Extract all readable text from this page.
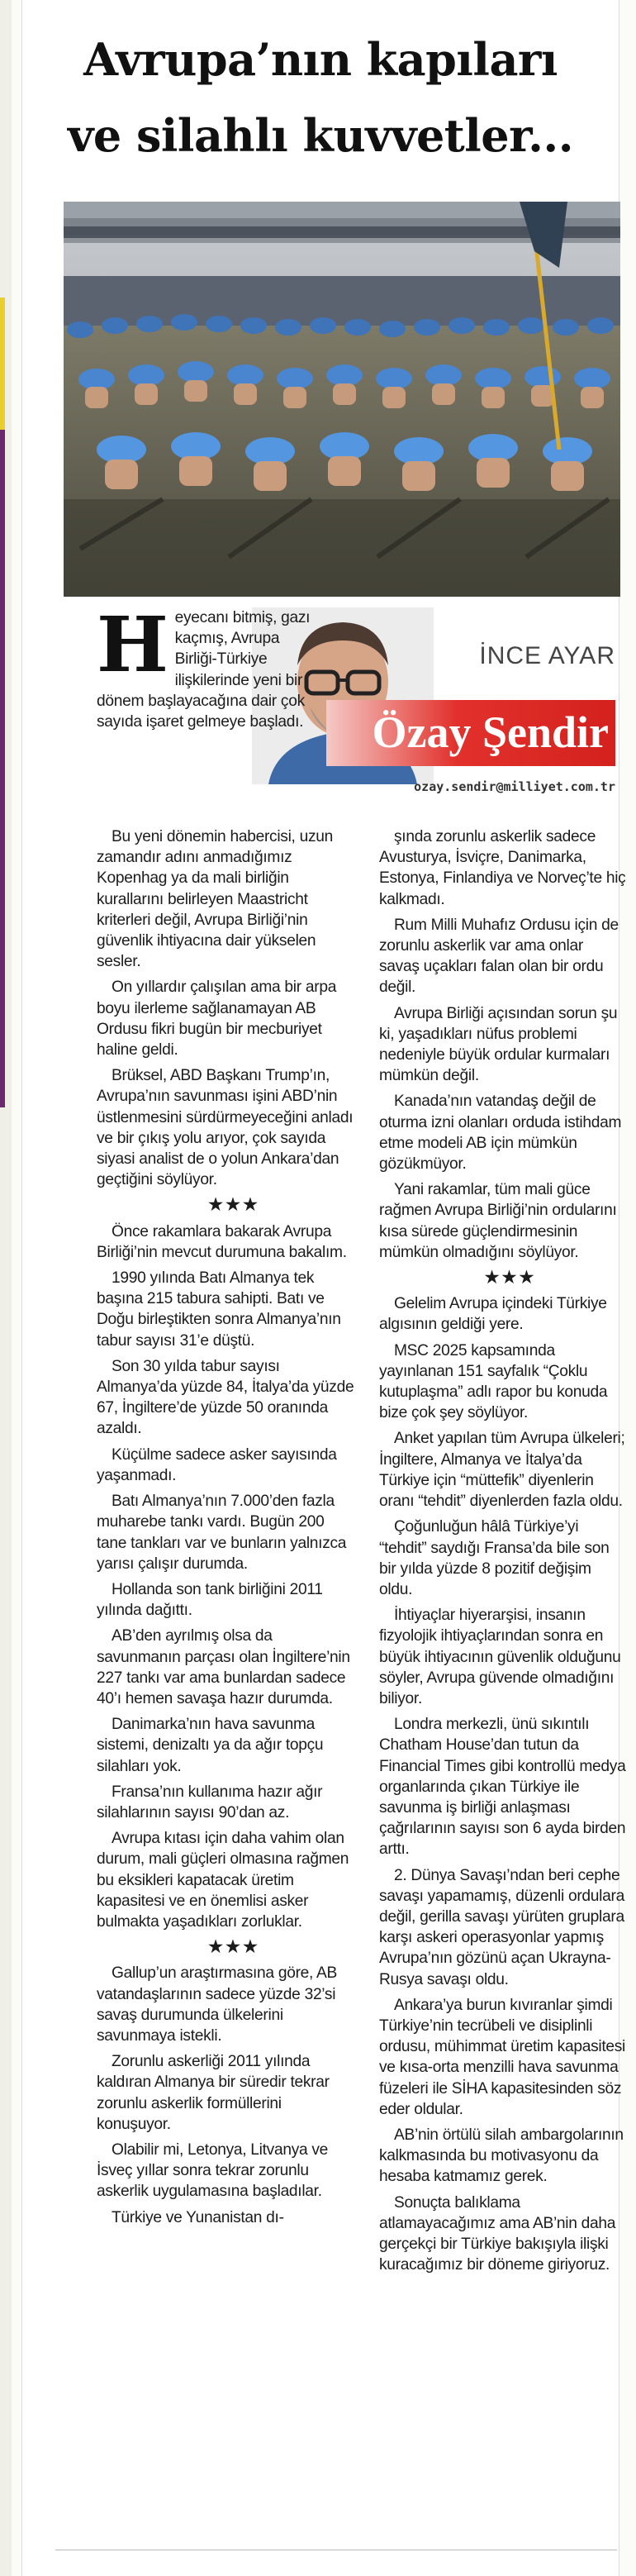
Avrupa’nın kapıları
ve silahlı kuvvetler...
İNCE AYAR
Özay Şendir
ozay.sendir@milliyet.com.tr

Heyecanı bitmiş, gazı kaçmış, Avrupa Birliği-Türkiye ilişkilerinde yeni bir dönem başlayacağına dair çok sayıda işaret gelmeye başladı.

Bu yeni dönemin habercisi, uzun zamandır adını anmadığımız Kopenhag ya da mali birliğin kurallarını belirleyen Maastricht kriterleri değil, Avrupa Birliği’nin güvenlik ihtiyacına dair yükselen sesler.

On yıllardır çalışılan ama bir arpa boyu ilerleme sağlanamayan AB Ordusu fikri bugün bir mecburiyet haline geldi.

Brüksel, ABD Başkanı Trump’ın, Avrupa’nın savunması işini ABD’nin üstlenmesini sürdürmeyeceğini anladı ve bir çıkış yolu arıyor, çok sayıda siyasi analist de o yolun Ankara’dan geçtiğini söylüyor.

★★★

Önce rakamlara bakarak Avrupa Birliği’nin mevcut durumuna bakalım.

1990 yılında Batı Almanya tek başına 215 tabura sahipti. Batı ve Doğu birleştikten sonra Almanya’nın tabur sayısı 31’e düştü.

Son 30 yılda tabur sayısı Almanya’da yüzde 84, İtalya’da yüzde 67, İngiltere’de yüzde 50 oranında azaldı.

Küçülme sadece asker sayısında yaşanmadı.

Batı Almanya’nın 7.000’den fazla muharebe tankı vardı. Bugün 200 tane tankları var ve bunların yalnızca yarısı çalışır durumda.

Hollanda son tank birliğini 2011 yılında dağıttı.

AB’den ayrılmış olsa da savunmanın parçası olan İngiltere’nin 227 tankı var ama bunlardan sadece 40’ı hemen savaşa hazır durumda.

Danimarka’nın hava savunma sistemi, denizaltı ya da ağır topçu silahları yok.

Fransa’nın kullanıma hazır ağır silahlarının sayısı 90’dan az.

Avrupa kıtası için daha vahim olan durum, mali güçleri olmasına rağmen bu eksikleri kapatacak üretim kapasitesi ve en önemlisi asker bulmakta yaşadıkları zorluklar.

★★★

Gallup’un araştırmasına göre, AB vatandaşlarının sadece yüzde 32’si savaş durumunda ülkelerini savunmaya istekli.

Zorunlu askerliği 2011 yılında kaldıran Almanya bir süredir tekrar zorunlu askerlik formüllerini konuşuyor.

Olabilir mi, Letonya, Litvanya ve İsveç yıllar sonra tekrar zorunlu askerlik uygulamasına başladılar.

Türkiye ve Yunanistan dı-

şında zorunlu askerlik sadece Avusturya, İsviçre, Danimarka, Estonya, Finlandiya ve Norveç’te hiç kalkmadı.

Rum Milli Muhafız Ordusu için de zorunlu askerlik var ama onlar savaş uçakları falan olan bir ordu değil.

Avrupa Birliği açısından sorun şu ki, yaşadıkları nüfus problemi nedeniyle büyük ordular kurmaları mümkün değil.

Kanada’nın vatandaş değil de oturma izni olanları orduda istihdam etme modeli AB için mümkün gözükmüyor.

Yani rakamlar, tüm mali güce rağmen Avrupa Birliği’nin ordularını kısa sürede güçlendirmesinin mümkün olmadığını söylüyor.

★★★

Gelelim Avrupa içindeki Türkiye algısının geldiği yere.

MSC 2025 kapsamında yayınlanan 151 sayfalık “Çoklu kutuplaşma” adlı rapor bu konuda bize çok şey söylüyor.

Anket yapılan tüm Avrupa ülkeleri; İngiltere, Almanya ve İtalya’da Türkiye için “müttefik” diyenlerin oranı “tehdit” diyenlerden fazla oldu.

Çoğunluğun hâlâ Türkiye’yi “tehdit” saydığı Fransa’da bile son bir yılda yüzde 8 pozitif değişim oldu.

İhtiyaçlar hiyerarşisi, insanın fizyolojik ihtiyaçlarından sonra en büyük ihtiyacının güvenlik olduğunu söyler, Avrupa güvende olmadığını biliyor.

Londra merkezli, ünü sıkıntılı Chatham House’dan tutun da Financial Times gibi kontrollü medya organlarında çıkan Türkiye ile savunma iş birliği anlaşması çağrılarının sayısı son 6 ayda birden arttı.

2. Dünya Savaşı’ndan beri cephe savaşı yapamamış, düzenli ordulara değil, gerilla savaşı yürüten gruplara karşı askeri operasyonlar yapmış Avrupa’nın gözünü açan Ukrayna-Rusya savaşı oldu.

Ankara’ya burun kıvıranlar şimdi Türkiye’nin tecrübeli ve disiplinli ordusu, mühimmat üretim kapasitesi ve kısa-orta menzilli hava savunma füzeleri ile SİHA kapasitesinden söz eder oldular.

AB’nin örtülü silah ambargolarının kalkmasında bu motivasyonu da hesaba katmamız gerek.

Sonuçta balıklama atlamayacağımız ama AB’nin daha gerçekçi bir Türkiye bakışıyla ilişki kuracağımız bir döneme giriyoruz.
